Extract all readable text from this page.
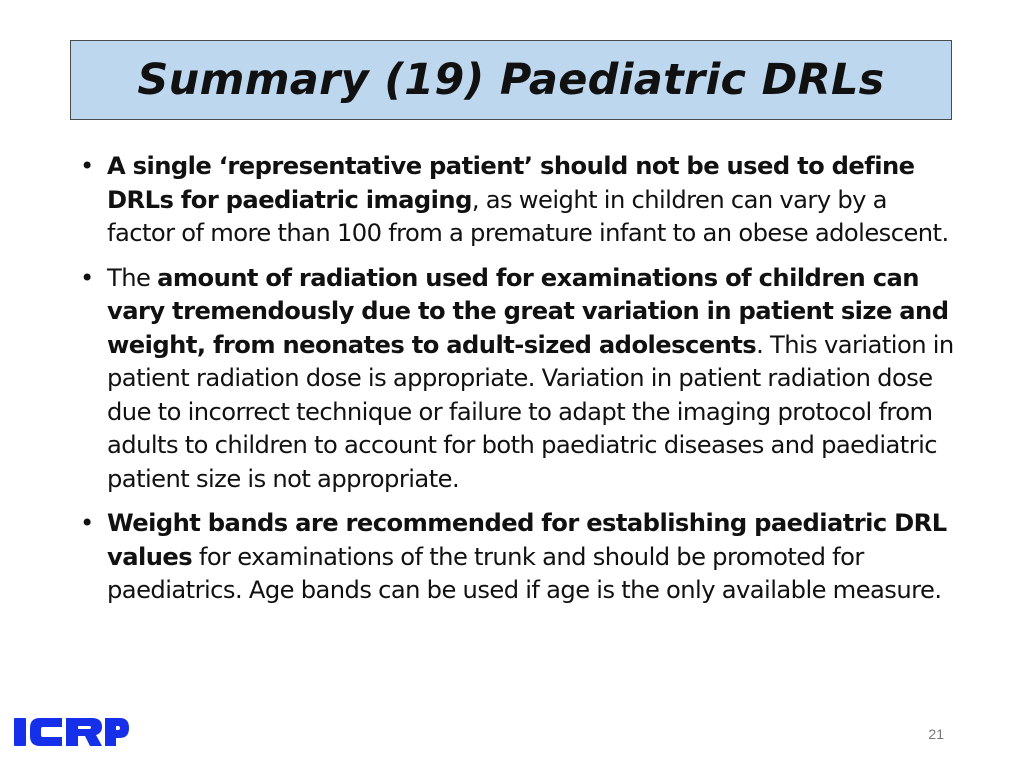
Summary (19) Paediatric DRLs
• A single ‘representative patient’ should not be used to define DRLs for paediatric imaging, as weight in children can vary by a factor of more than 100 from a premature infant to an obese adolescent.
• The amount of radiation used for examinations of children can vary tremendously due to the great variation in patient size and weight, from neonates to adult-sized adolescents. This variation in patient radiation dose is appropriate. Variation in patient radiation dose due to incorrect technique or failure to adapt the imaging protocol from adults to children to account for both paediatric diseases and paediatric patient size is not appropriate.
• Weight bands are recommended for establishing paediatric DRL values for examinations of the trunk and should be promoted for paediatrics. Age bands can be used if age is the only available measure.
21
